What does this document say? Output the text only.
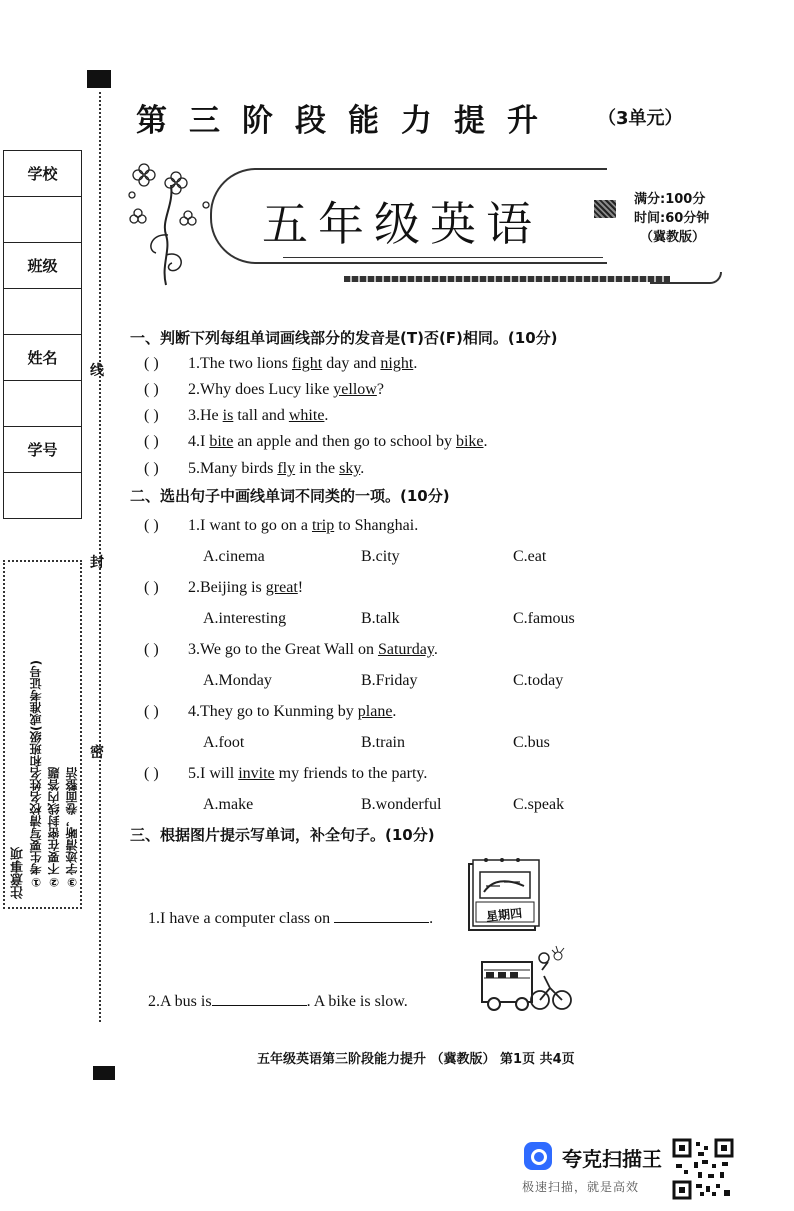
线
封
密
学校
班级
姓名
学号
注意事项 ①考生要写清校名姓名和班级(或准考证号) ②不要在密封线内答题 ③字迹清晰，卷面整洁
第三阶段能力提升 （3单元）
五年级英语	满分:100分
时间:60分钟
（冀教版）
一、判断下列每组单词画线部分的发音是(T)否(F)相同。(10分)
( ) 1.The two lions fight day and night.
( ) 2.Why does Lucy like yellow?
( ) 3.He is tall and white.
( ) 4.I bite an apple and then go to school by bike.
( ) 5.Many birds fly in the sky.
二、选出句子中画线单词不同类的一项。(10分)
( ) 1.I want to go on a trip to Shanghai.
A.cinema	B.city	C.eat
( ) 2.Beijing is great!
A.interesting	B.talk	C.famous
( ) 3.We go to the Great Wall on Saturday.
A.Monday	B.Friday	C.today
( ) 4.They go to Kunming by plane.
A.foot	B.train	C.bus
( ) 5.I will invite my friends to the party.
A.make	B.wonderful	C.speak
三、根据图片提示写单词，补全句子。(10分)
星期四
1.I have a computer class on	.
2.A bus is	. A bike is slow.
五年级英语第三阶段能力提升 （冀教版） 第1页 共4页
夸克扫描王
极速扫描，就是高效
